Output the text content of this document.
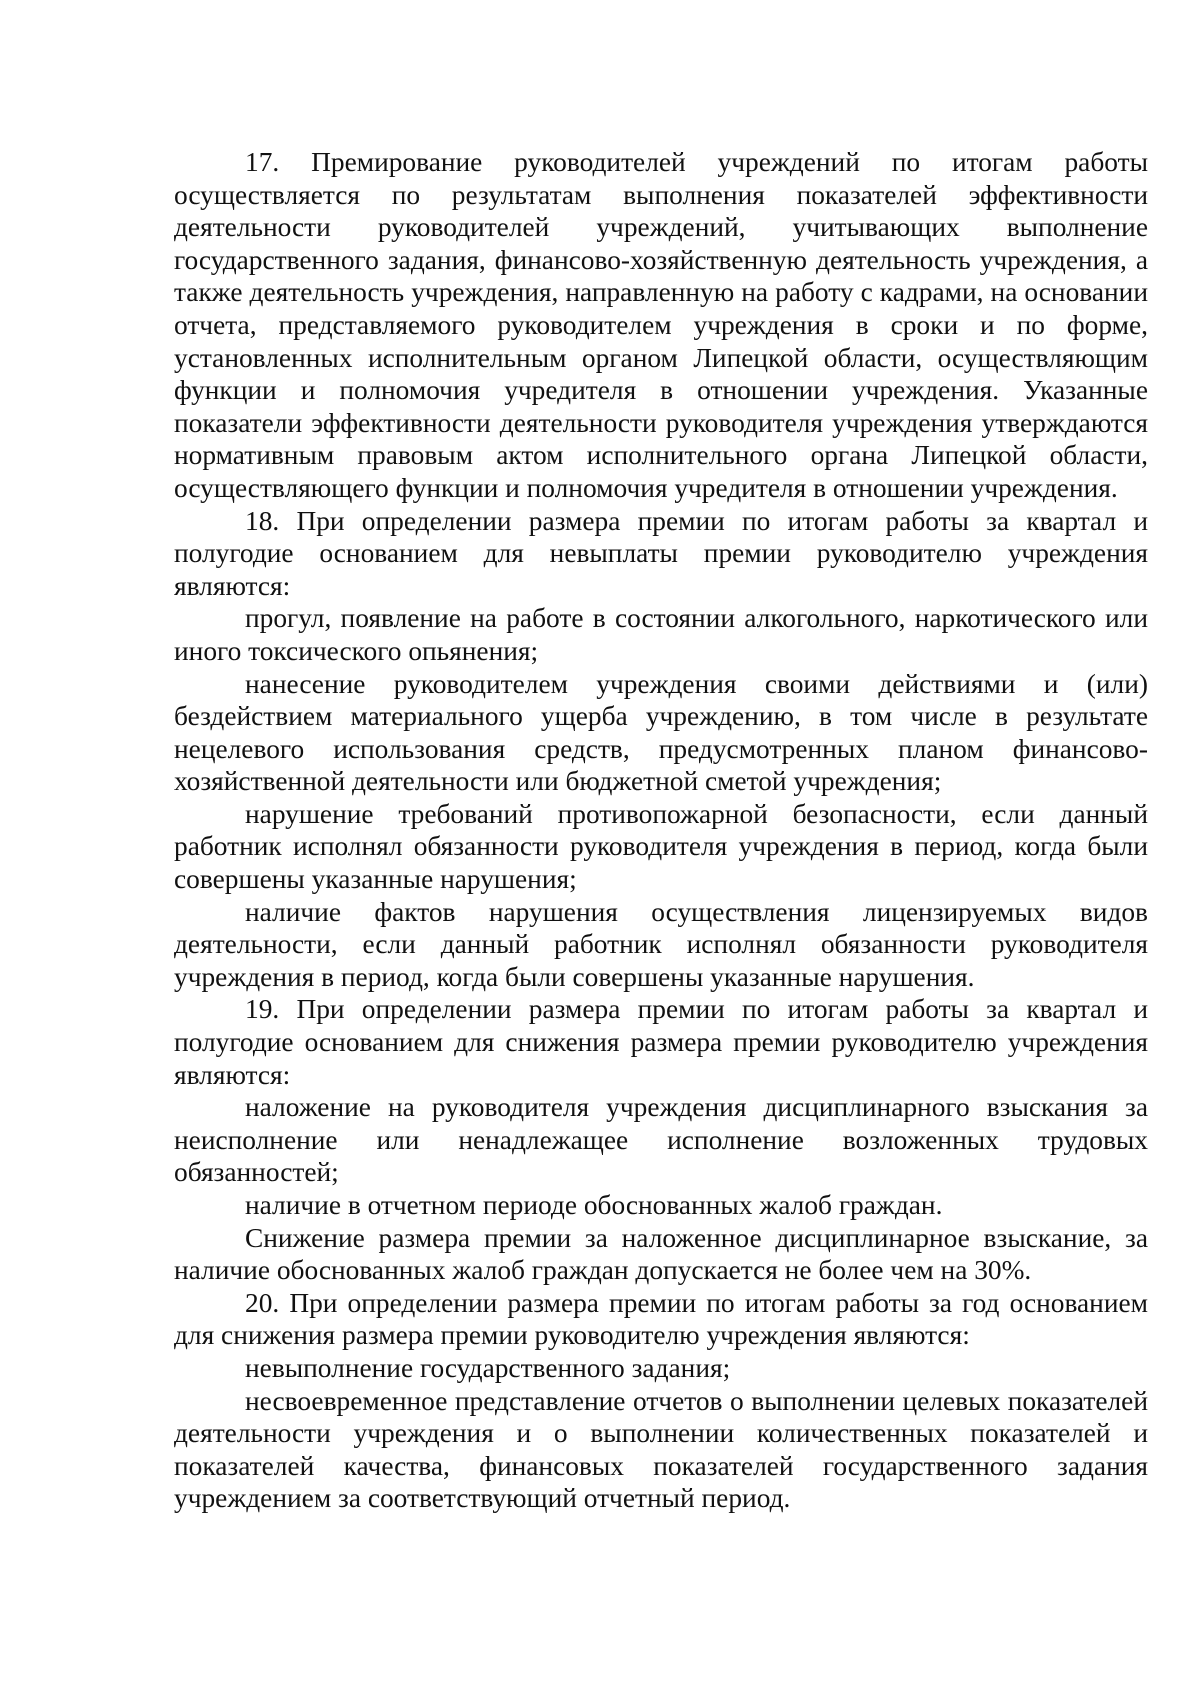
17. Премирование руководителей учреждений по итогам работы осуществляется по результатам выполнения показателей эффективности деятельности руководителей учреждений, учитывающих выполнение государственного задания, финансово-хозяйственную деятельность учреждения, а также деятельность учреждения, направленную на работу с кадрами, на основании отчета, представляемого руководителем учреждения в сроки и по форме, установленных исполнительным органом Липецкой области, осуществляющим функции и полномочия учредителя в отношении учреждения. Указанные показатели эффективности деятельности руководителя учреждения утверждаются нормативным правовым актом исполнительного органа Липецкой области, осуществляющего функции и полномочия учредителя в отношении учреждения.

18. При определении размера премии по итогам работы за квартал и полугодие основанием для невыплаты премии руководителю учреждения являются:

прогул, появление на работе в состоянии алкогольного, наркотического или иного токсического опьянения;

нанесение руководителем учреждения своими действиями и (или) бездействием материального ущерба учреждению, в том числе в результате нецелевого использования средств, предусмотренных планом финансово-хозяйственной деятельности или бюджетной сметой учреждения;

нарушение требований противопожарной безопасности, если данный работник исполнял обязанности руководителя учреждения в период, когда были совершены указанные нарушения;

наличие фактов нарушения осуществления лицензируемых видов деятельности, если данный работник исполнял обязанности руководителя учреждения в период, когда были совершены указанные нарушения.

19. При определении размера премии по итогам работы за квартал и полугодие основанием для снижения размера премии руководителю учреждения являются:

наложение на руководителя учреждения дисциплинарного взыскания за неисполнение или ненадлежащее исполнение возложенных трудовых обязанностей;

наличие в отчетном периоде обоснованных жалоб граждан.

Снижение размера премии за наложенное дисциплинарное взыскание, за наличие обоснованных жалоб граждан допускается не более чем на 30%.

20. При определении размера премии по итогам работы за год основанием для снижения размера премии руководителю учреждения являются:

невыполнение государственного задания;

несвоевременное представление отчетов о выполнении целевых показателей деятельности учреждения и о выполнении количественных показателей и показателей качества, финансовых показателей государственного задания учреждением за соответствующий отчетный период.
